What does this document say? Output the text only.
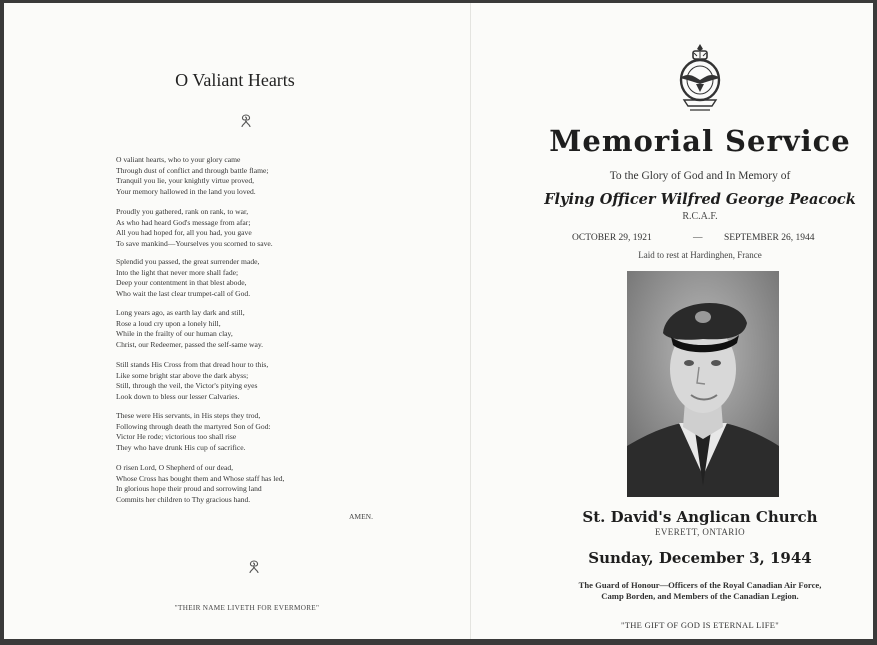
O Valiant Hearts
O valiant hearts, who to your glory came
Through dust of conflict and through battle flame;
Tranquil you lie, your knightly virtue proved,
Your memory hallowed in the land you loved.
Proudly you gathered, rank on rank, to war,
As who had heard God's message from afar;
All you had hoped for, all you had, you gave
To save mankind—Yourselves you scorned to save.
Splendid you passed, the great surrender made,
Into the light that never more shall fade;
Deep your contentment in that blest abode,
Who wait the last clear trumpet-call of God.
Long years ago, as earth lay dark and still,
Rose a loud cry upon a lonely hill,
While in the frailty of our human clay,
Christ, our Redeemer, passed the self-same way.
Still stands His Cross from that dread hour to this,
Like some bright star above the dark abyss;
Still, through the veil, the Victor's pitying eyes
Look down to bless our lesser Calvaries.
These were His servants, in His steps they trod,
Following through death the martyred Son of God:
Victor He rode; victorious too shall rise
They who have drunk His cup of sacrifice.
O risen Lord, O Shepherd of our dead,
Whose Cross has bought them and Whose staff has led,
In glorious hope their proud and sorrowing land
Commits her children to Thy gracious hand.
AMEN.
"THEIR NAME LIVETH FOR EVERMORE"
Memorial Service
To the Glory of God and In Memory of
Flying Officer Wilfred George Peacock
R.C.A.F.
OCTOBER 29, 1921	— SEPTEMBER 26, 1944
Laid to rest at Hardinghen, France
St. David's Anglican Church
EVERETT, ONTARIO
Sunday, December 3, 1944
The Guard of Honour—Officers of the Royal Canadian Air Force,
Camp Borden, and Members of the Canadian Legion.
"THE GIFT OF GOD IS ETERNAL LIFE"
